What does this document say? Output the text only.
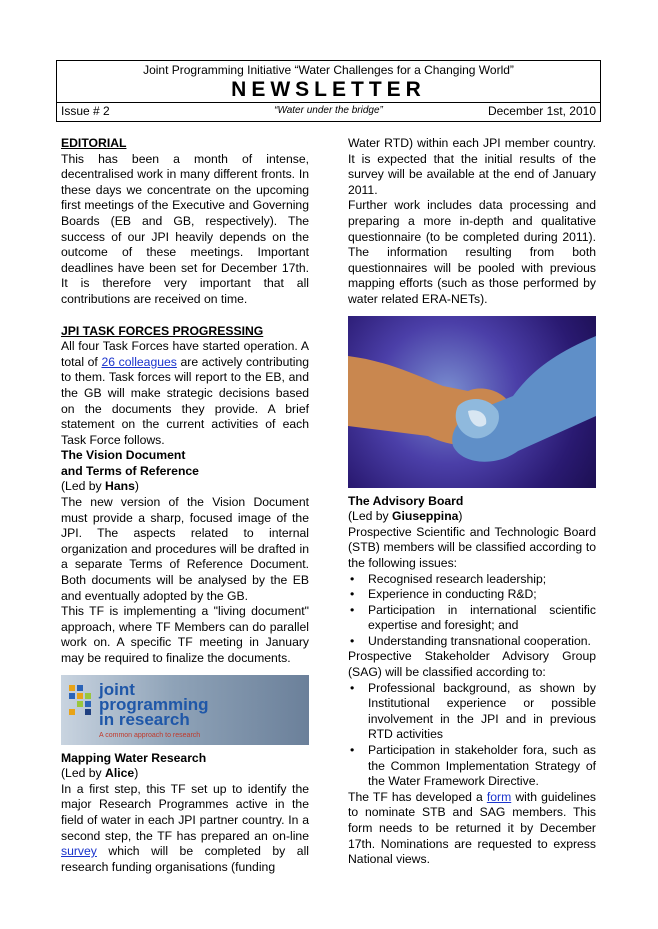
Joint Programming Initiative “Water Challenges for a Changing World”
NEWSLETTER
Issue # 2	“Water under the bridge”	December 1st, 2010
EDITORIAL

This has been a month of intense, decentralised work in many different fronts. In these days we concentrate on the upcoming first meetings of the Executive and Governing Boards (EB and GB, respectively). The success of our JPI heavily depends on the outcome of these meetings. Important deadlines have been set for December 17th. It is therefore very important that all contributions are received on time.

JPI TASK FORCES PROGRESSING

All four Task Forces have started operation. A total of 26 colleagues are actively contributing to them. Task forces will report to the EB, and the GB will make strategic decisions based on the documents they provide. A brief statement on the current activities of each Task Force follows.

The Vision Document
and Terms of Reference
(Led by Hans)

The new version of the Vision Document must provide a sharp, focused image of the JPI. The aspects related to internal organization and procedures will be drafted in a separate Terms of Reference Document. Both documents will be analysed by the EB and eventually adopted by the GB.

This TF is implementing a "living document" approach, where TF Members can do parallel work on. A specific TF meeting in January may be required to finalize the documents.

joint
programming
in research
A common approach to research
Mapping Water Research
(Led by Alice)

In a first step, this TF set up to identify the major Research Programmes active in the field of water in each JPI partner country. In a second step, the TF has prepared an on-line survey which will be completed by all research funding organisations (funding

Water RTD) within each JPI member country. It is expected that the initial results of the survey will be available at the end of January 2011.

Further work includes data processing and preparing a more in-depth and qualitative questionnaire (to be completed during 2011). The information resulting from both questionnaires will be pooled with previous mapping efforts (such as those performed by water related ERA-NETs).

The Advisory Board
(Led by Giuseppina)

Prospective Scientific and Technologic Board (STB) members will be classified according to the following issues:

• Recognised research leadership;
• Experience in conducting R&D;
• Participation in international scientific expertise and foresight; and
• Understanding transnational cooperation.

Prospective Stakeholder Advisory Group (SAG) will be classified according to:

• Professional background, as shown by Institutional experience or possible involvement in the JPI and in previous RTD activities
• Participation in stakeholder fora, such as the Common Implementation Strategy of the Water Framework Directive.

The TF has developed a form with guidelines to nominate STB and SAG members. This form needs to be returned it by December 17th. Nominations are requested to express National views.
